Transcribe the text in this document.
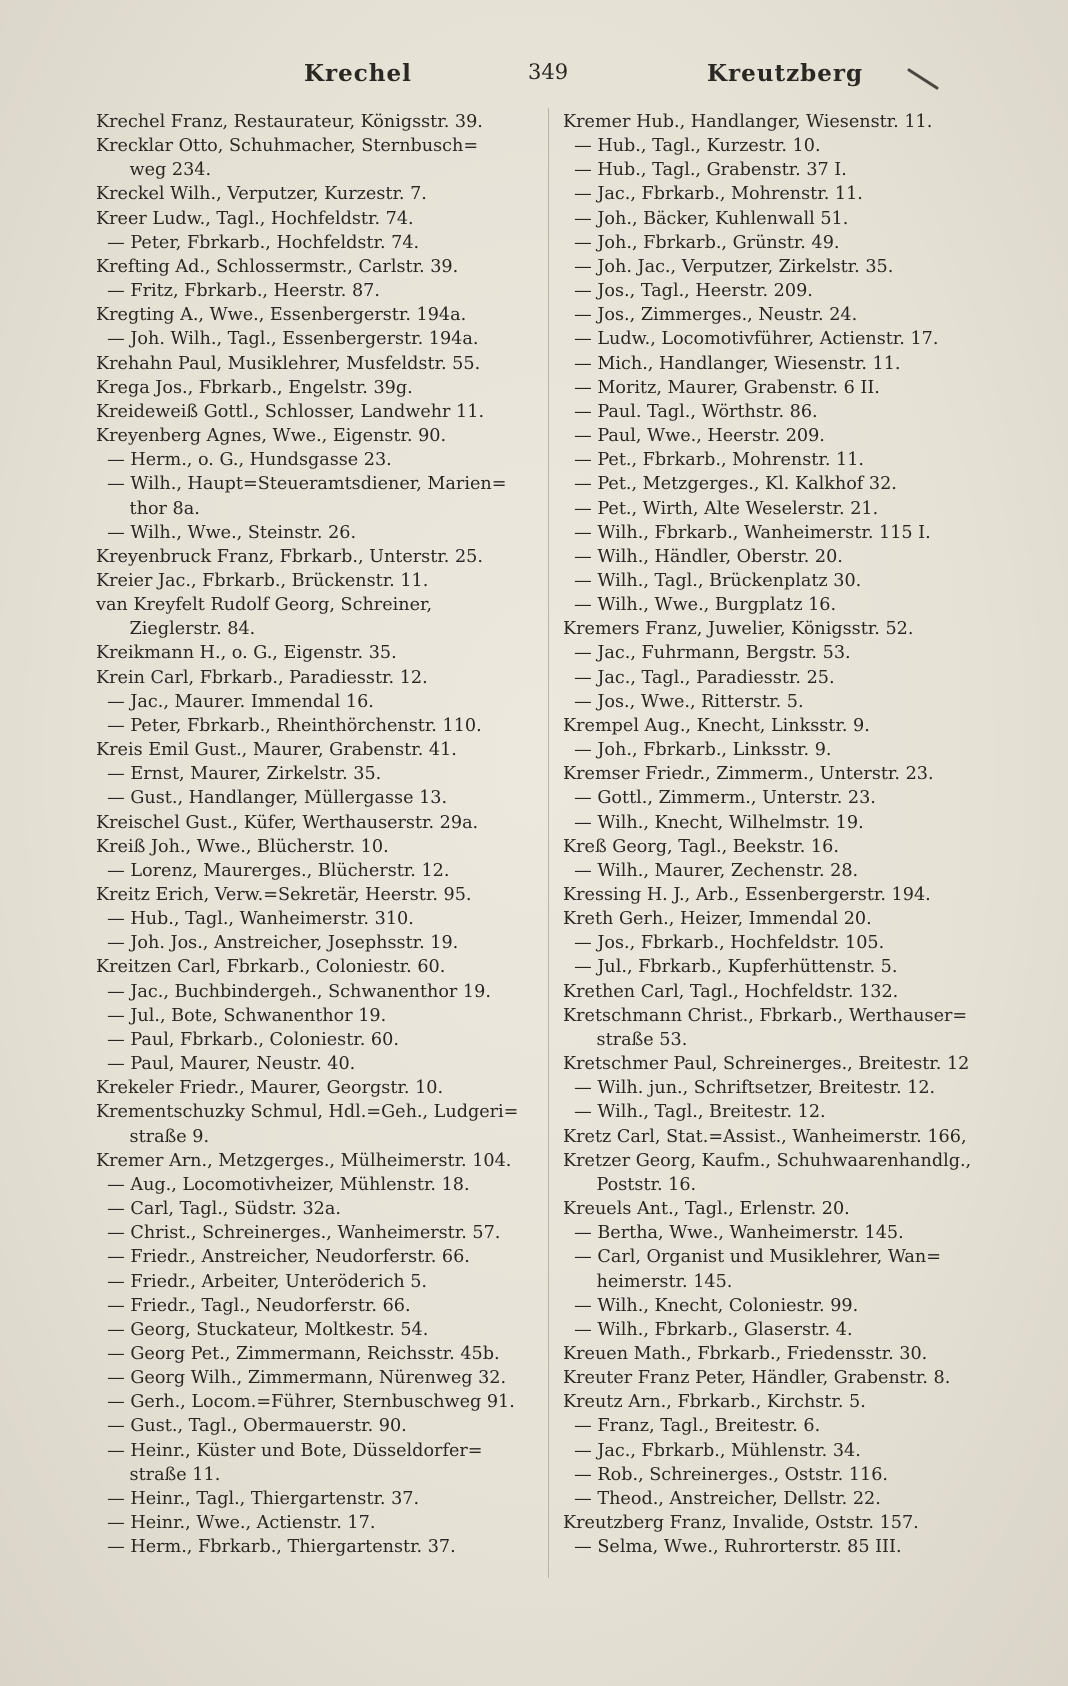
Krechel	349	Kreutzberg
Krechel Franz, Restaurateur, Königsstr. 39.
Krecklar Otto, Schuhmacher, Sternbusch=
weg 234.
Kreckel Wilh., Verputzer, Kurzestr. 7.
Kreer Ludw., Tagl., Hochfeldstr. 74.
— Peter, Fbrkarb., Hochfeldstr. 74.
Krefting Ad., Schlossermstr., Carlstr. 39.
— Fritz, Fbrkarb., Heerstr. 87.
Kregting A., Wwe., Essenbergerstr. 194a.
— Joh. Wilh., Tagl., Essenbergerstr. 194a.
Krehahn Paul, Musiklehrer, Musfeldstr. 55.
Krega Jos., Fbrkarb., Engelstr. 39g.
Kreideweiß Gottl., Schlosser, Landwehr 11.
Kreyenberg Agnes, Wwe., Eigenstr. 90.
— Herm., o. G., Hundsgasse 23.
— Wilh., Haupt=Steueramtsdiener, Marien=
thor 8a.
— Wilh., Wwe., Steinstr. 26.
Kreyenbruck Franz, Fbrkarb., Unterstr. 25.
Kreier Jac., Fbrkarb., Brückenstr. 11.
van Kreyfelt Rudolf Georg, Schreiner,
Zieglerstr. 84.
Kreikmann H., o. G., Eigenstr. 35.
Krein Carl, Fbrkarb., Paradiesstr. 12.
— Jac., Maurer. Immendal 16.
— Peter, Fbrkarb., Rheinthörchenstr. 110.
Kreis Emil Gust., Maurer, Grabenstr. 41.
— Ernst, Maurer, Zirkelstr. 35.
— Gust., Handlanger, Müllergasse 13.
Kreischel Gust., Küfer, Werthauserstr. 29a.
Kreiß Joh., Wwe., Blücherstr. 10.
— Lorenz, Maurerges., Blücherstr. 12.
Kreitz Erich, Verw.=Sekretär, Heerstr. 95.
— Hub., Tagl., Wanheimerstr. 310.
— Joh. Jos., Anstreicher, Josephsstr. 19.
Kreitzen Carl, Fbrkarb., Coloniestr. 60.
— Jac., Buchbindergeh., Schwanenthor 19.
— Jul., Bote, Schwanenthor 19.
— Paul, Fbrkarb., Coloniestr. 60.
— Paul, Maurer, Neustr. 40.
Krekeler Friedr., Maurer, Georgstr. 10.
Krementschuzky Schmul, Hdl.=Geh., Ludgeri=
straße 9.
Kremer Arn., Metzgerges., Mülheimerstr. 104.
— Aug., Locomotivheizer, Mühlenstr. 18.
— Carl, Tagl., Südstr. 32a.
— Christ., Schreinerges., Wanheimerstr. 57.
— Friedr., Anstreicher, Neudorferstr. 66.
— Friedr., Arbeiter, Unteröderich 5.
— Friedr., Tagl., Neudorferstr. 66.
— Georg, Stuckateur, Moltkestr. 54.
— Georg Pet., Zimmermann, Reichsstr. 45b.
— Georg Wilh., Zimmermann, Nürenweg 32.
— Gerh., Locom.=Führer, Sternbuschweg 91.
— Gust., Tagl., Obermauerstr. 90.
— Heinr., Küster und Bote, Düsseldorfer=
straße 11.
— Heinr., Tagl., Thiergartenstr. 37.
— Heinr., Wwe., Actienstr. 17.
— Herm., Fbrkarb., Thiergartenstr. 37.
Kremer Hub., Handlanger, Wiesenstr. 11.
— Hub., Tagl., Kurzestr. 10.
— Hub., Tagl., Grabenstr. 37 I.
— Jac., Fbrkarb., Mohrenstr. 11.
— Joh., Bäcker, Kuhlenwall 51.
— Joh., Fbrkarb., Grünstr. 49.
— Joh. Jac., Verputzer, Zirkelstr. 35.
— Jos., Tagl., Heerstr. 209.
— Jos., Zimmerges., Neustr. 24.
— Ludw., Locomotivführer, Actienstr. 17.
— Mich., Handlanger, Wiesenstr. 11.
— Moritz, Maurer, Grabenstr. 6 II.
— Paul. Tagl., Wörthstr. 86.
— Paul, Wwe., Heerstr. 209.
— Pet., Fbrkarb., Mohrenstr. 11.
— Pet., Metzgerges., Kl. Kalkhof 32.
— Pet., Wirth, Alte Weselerstr. 21.
— Wilh., Fbrkarb., Wanheimerstr. 115 I.
— Wilh., Händler, Oberstr. 20.
— Wilh., Tagl., Brückenplatz 30.
— Wilh., Wwe., Burgplatz 16.
Kremers Franz, Juwelier, Königsstr. 52.
— Jac., Fuhrmann, Bergstr. 53.
— Jac., Tagl., Paradiesstr. 25.
— Jos., Wwe., Ritterstr. 5.
Krempel Aug., Knecht, Linksstr. 9.
— Joh., Fbrkarb., Linksstr. 9.
Kremser Friedr., Zimmerm., Unterstr. 23.
— Gottl., Zimmerm., Unterstr. 23.
— Wilh., Knecht, Wilhelmstr. 19.
Kreß Georg, Tagl., Beekstr. 16.
— Wilh., Maurer, Zechenstr. 28.
Kressing H. J., Arb., Essenbergerstr. 194.
Kreth Gerh., Heizer, Immendal 20.
— Jos., Fbrkarb., Hochfeldstr. 105.
— Jul., Fbrkarb., Kupferhüttenstr. 5.
Krethen Carl, Tagl., Hochfeldstr. 132.
Kretschmann Christ., Fbrkarb., Werthauser=
straße 53.
Kretschmer Paul, Schreinerges., Breitestr. 12
— Wilh. jun., Schriftsetzer, Breitestr. 12.
— Wilh., Tagl., Breitestr. 12.
Kretz Carl, Stat.=Assist., Wanheimerstr. 166,
Kretzer Georg, Kaufm., Schuhwaarenhandlg.,
Poststr. 16.
Kreuels Ant., Tagl., Erlenstr. 20.
— Bertha, Wwe., Wanheimerstr. 145.
— Carl, Organist und Musiklehrer, Wan=
heimerstr. 145.
— Wilh., Knecht, Coloniestr. 99.
— Wilh., Fbrkarb., Glaserstr. 4.
Kreuen Math., Fbrkarb., Friedensstr. 30.
Kreuter Franz Peter, Händler, Grabenstr. 8.
Kreutz Arn., Fbrkarb., Kirchstr. 5.
— Franz, Tagl., Breitestr. 6.
— Jac., Fbrkarb., Mühlenstr. 34.
— Rob., Schreinerges., Oststr. 116.
— Theod., Anstreicher, Dellstr. 22.
Kreutzberg Franz, Invalide, Oststr. 157.
— Selma, Wwe., Ruhrorterstr. 85 III.
